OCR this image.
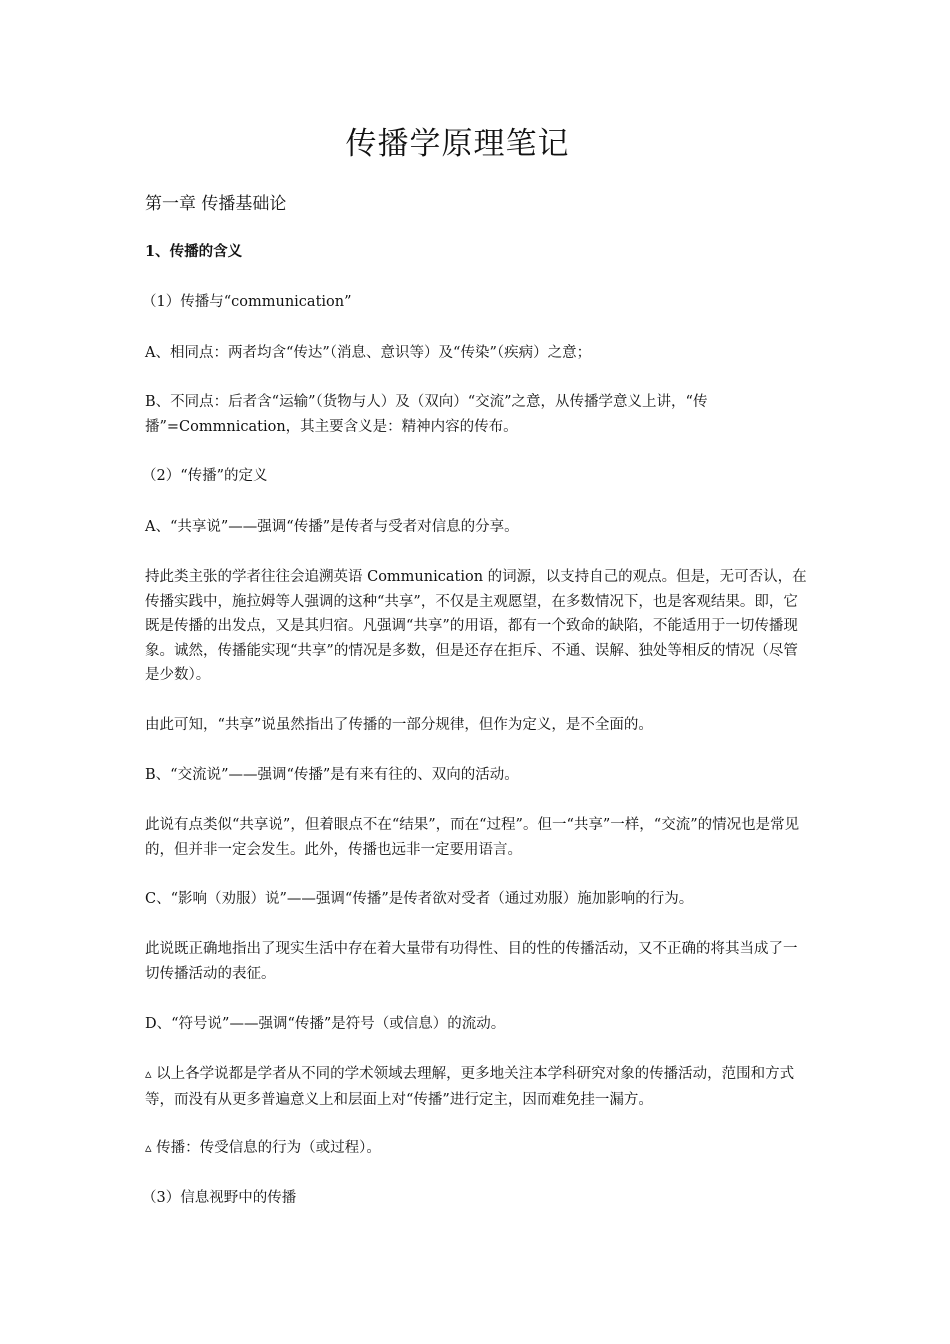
传播学原理笔记
第一章 传播基础论

1、传播的含义

（1）传播与“communication”

A、相同点：两者均含“传达”（消息、意识等）及“传染”（疾病）之意；

B、不同点：后者含“运输”（货物与人）及（双向）“交流”之意，从传播学意义上讲，“传播”=Commnication，其主要含义是：精神内容的传布。

（2）“传播”的定义

A、“共享说”——强调“传播”是传者与受者对信息的分享。

持此类主张的学者往往会追溯英语 Communication 的词源，以支持自己的观点。但是，无可否认，在传播实践中，施拉姆等人强调的这种“共享”，不仅是主观愿望，在多数情况下，也是客观结果。即，它既是传播的出发点，又是其归宿。凡强调“共享”的用语，都有一个致命的缺陷，不能适用于一切传播现象。诚然，传播能实现“共享”的情况是多数，但是还存在拒斥、不通、误解、独处等相反的情况（尽管是少数）。

由此可知，“共享”说虽然指出了传播的一部分规律，但作为定义，是不全面的。

B、“交流说”——强调“传播”是有来有往的、双向的活动。

此说有点类似“共享说”，但着眼点不在“结果”，而在“过程”。但一“共享”一样，“交流”的情况也是常见的，但并非一定会发生。此外，传播也远非一定要用语言。

C、“影响（劝服）说”——强调“传播”是传者欲对受者（通过劝服）施加影响的行为。

此说既正确地指出了现实生活中存在着大量带有功得性、目的性的传播活动，又不正确的将其当成了一切传播活动的表征。

D、“符号说”——强调“传播”是符号（或信息）的流动。

▵ 以上各学说都是学者从不同的学术领域去理解，更多地关注本学科研究对象的传播活动，范围和方式等，而没有从更多普遍意义上和层面上对“传播”进行定主，因而难免挂一漏方。

▵ 传播：传受信息的行为（或过程）。

（3）信息视野中的传播
